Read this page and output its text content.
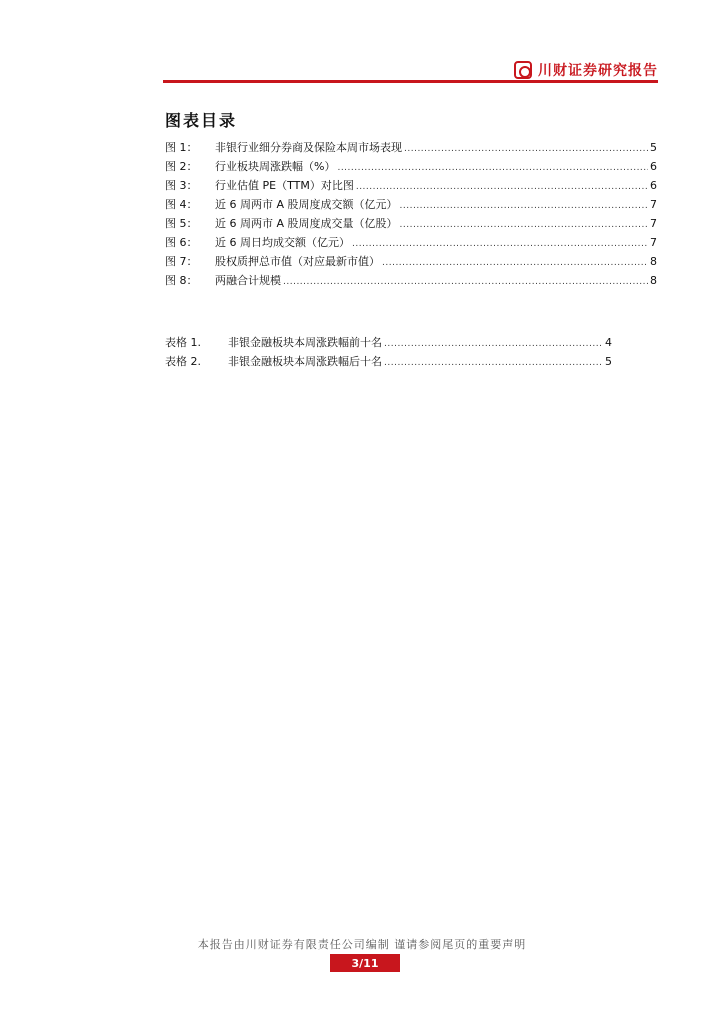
川财证券研究报告
图表目录
图 1：	非银行业细分券商及保险本周市场表现 .....	5
图 2：	行业板块周涨跌幅（%） .....	6
图 3：	行业估值 PE（TTM）对比图 .....	6
图 4：	近 6 周两市 A 股周度成交额（亿元） .....	7
图 5：	近 6 周两市 A 股周度成交量（亿股） .....	7
图 6：	近 6 周日均成交额（亿元） .....	7
图 7：	股权质押总市值（对应最新市值） .....	8
图 8：	两融合计规模 .....	8
表格 1.	非银金融板块本周涨跌幅前十名 .....	4
表格 2.	非银金融板块本周涨跌幅后十名 .....	5
本报告由川财证券有限责任公司编制 谨请参阅尾页的重要声明
3/11
